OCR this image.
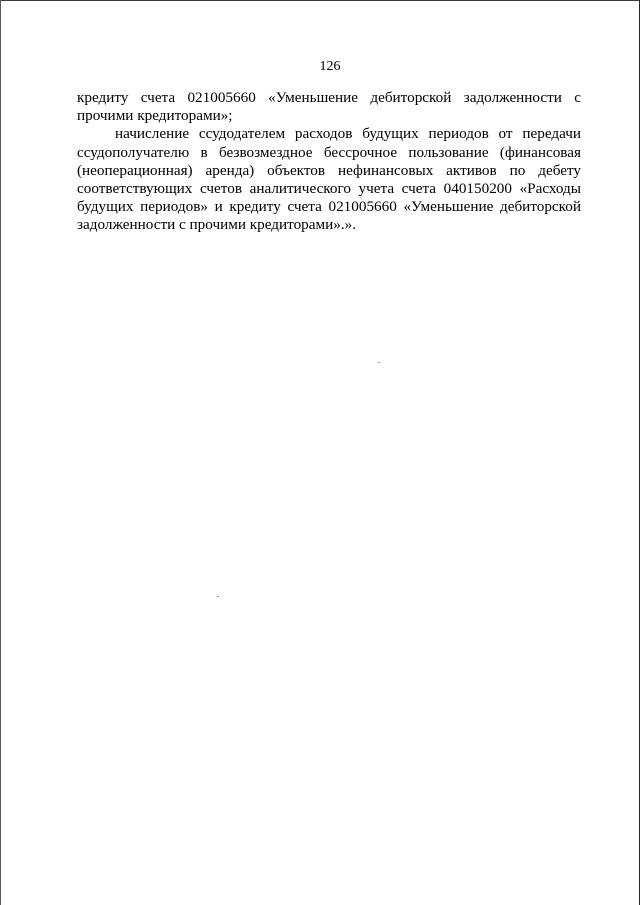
126

кредиту счета 021005660 «Уменьшение дебиторской задолженности с прочими кредиторами»;

начисление ссудодателем расходов будущих периодов от передачи ссудополучателю в безвозмездное бессрочное пользование (финансовая (неоперационная) аренда) объектов нефинансовых активов по дебету соответствующих счетов аналитического учета счета 040150200 «Расходы будущих периодов» и кредиту счета 021005660 «Уменьшение дебиторской задолженности с прочими кредиторами».».
